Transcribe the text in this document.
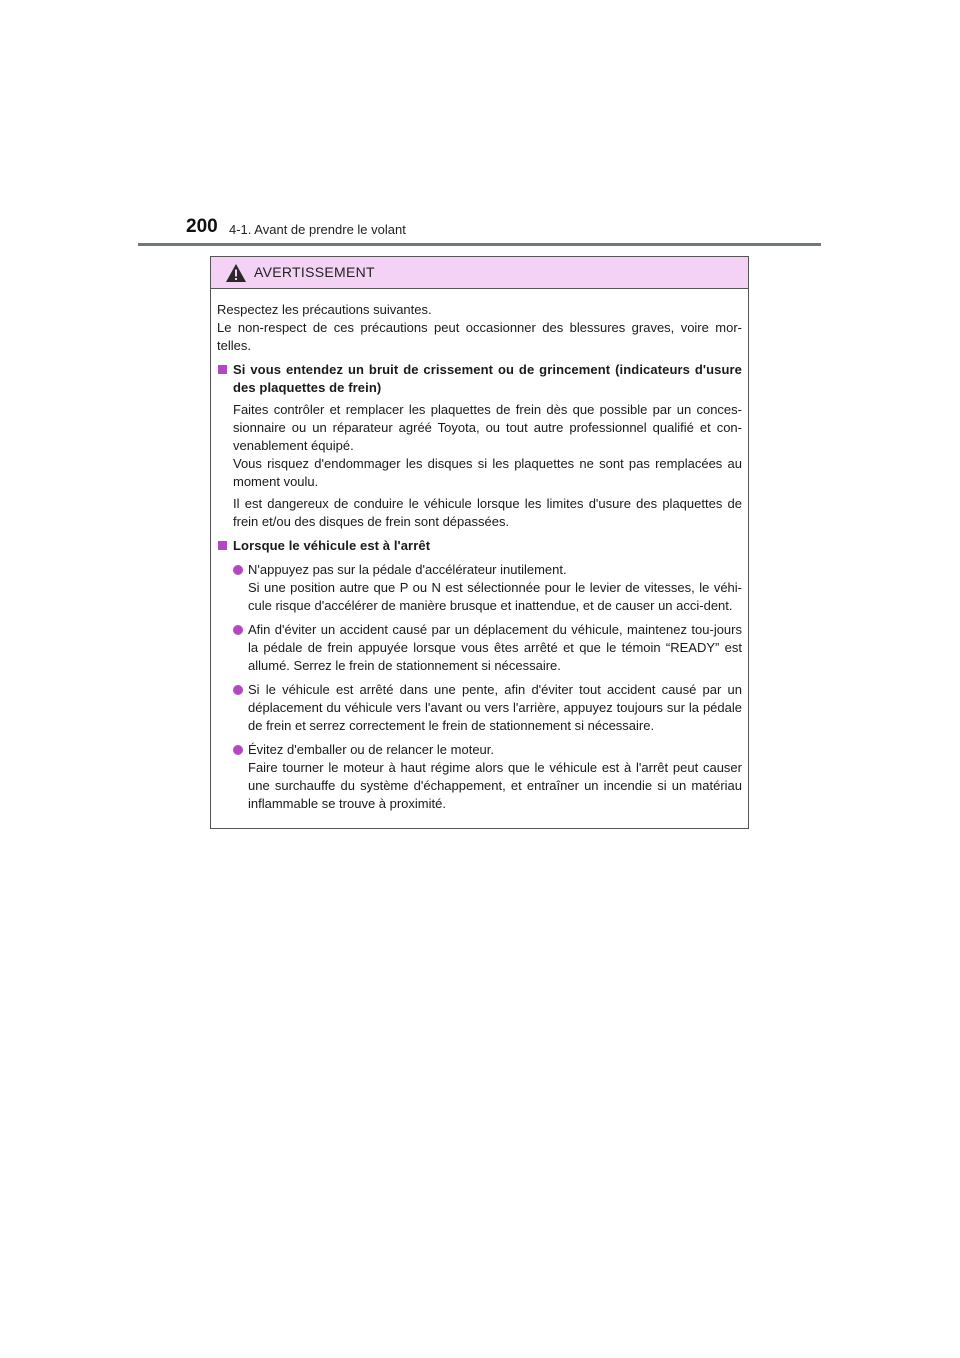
200 4-1. Avant de prendre le volant
AVERTISSEMENT

Respectez les précautions suivantes.

Le non-respect de ces précautions peut occasionner des blessures graves, voire mor-telles.

Si vous entendez un bruit de crissement ou de grincement (indicateurs d'usure des plaquettes de frein)

Faites contrôler et remplacer les plaquettes de frein dès que possible par un conces-sionnaire ou un réparateur agréé Toyota, ou tout autre professionnel qualifié et con-venablement équipé.

Vous risquez d'endommager les disques si les plaquettes ne sont pas remplacées au moment voulu.

Il est dangereux de conduire le véhicule lorsque les limites d'usure des plaquettes de frein et/ou des disques de frein sont dépassées.

Lorsque le véhicule est à l'arrêt
N'appuyez pas sur la pédale d'accélérateur inutilement.
Si une position autre que P ou N est sélectionnée pour le levier de vitesses, le véhi-cule risque d'accélérer de manière brusque et inattendue, et de causer un acci-dent.
Afin d'éviter un accident causé par un déplacement du véhicule, maintenez tou-jours la pédale de frein appuyée lorsque vous êtes arrêté et que le témoin “READY” est allumé. Serrez le frein de stationnement si nécessaire.
Si le véhicule est arrêté dans une pente, afin d'éviter tout accident causé par un déplacement du véhicule vers l'avant ou vers l'arrière, appuyez toujours sur la pédale de frein et serrez correctement le frein de stationnement si nécessaire.
Évitez d'emballer ou de relancer le moteur.
Faire tourner le moteur à haut régime alors que le véhicule est à l'arrêt peut causer une surchauffe du système d'échappement, et entraîner un incendie si un matériau inflammable se trouve à proximité.
